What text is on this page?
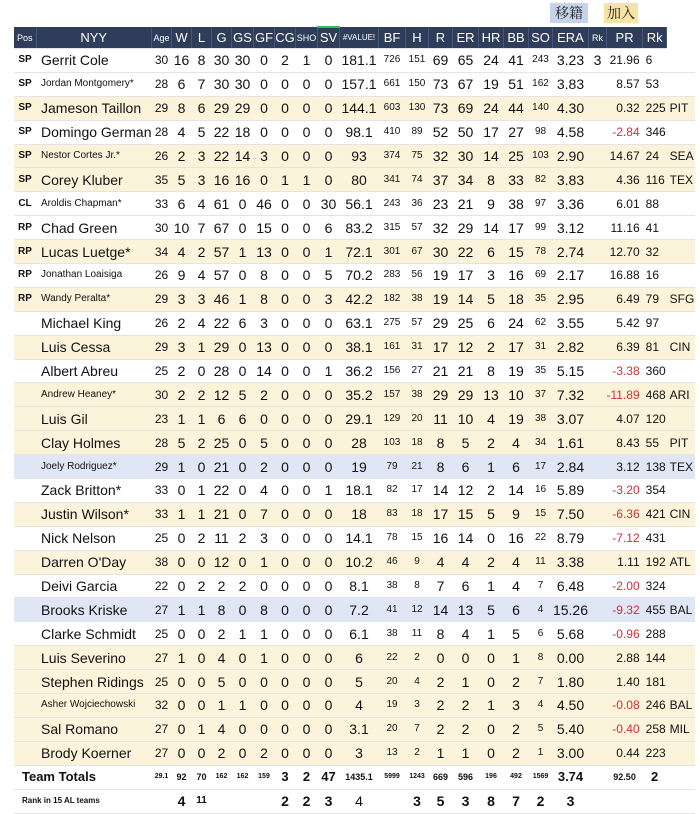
移籍	加入
Pos	NYY	Age	W	L	G	GS	GF	CG	SHO	SV	#VALUE!	BF	H	R	ER	HR	BB	SO	ERA	Rk	PR	Rk	
SP	Gerrit Cole	30	16	8	30	30	0	2	1	0	181.1	726	151	69	65	24	41	243	3.23	3	21.96	6	
SP	Jordan Montgomery*	28	6	7	30	30	0	0	0	0	157.1	661	150	73	67	19	51	162	3.83		8.57	53	
SP	Jameson Taillon	29	8	6	29	29	0	0	0	0	144.1	603	130	73	69	24	44	140	4.30		0.32	225	PIT
SP	Domingo German	28	4	5	22	18	0	0	0	0	98.1	410	89	52	50	17	27	98	4.58		-2.84	346	
SP	Nestor Cortes Jr.*	26	2	3	22	14	3	0	0	0	93	374	75	32	30	14	25	103	2.90		14.67	24	SEA
SP	Corey Kluber	35	5	3	16	16	0	1	1	0	80	341	74	37	34	8	33	82	3.83		4.36	116	TEX
CL	Aroldis Chapman*	33	6	4	61	0	46	0	0	30	56.1	243	36	23	21	9	38	97	3.36		6.01	88	
RP	Chad Green	30	10	7	67	0	15	0	0	6	83.2	315	57	32	29	14	17	99	3.12		11.16	41	
RP	Lucas Luetge*	34	4	2	57	1	13	0	0	1	72.1	301	67	30	22	6	15	78	2.74		12.70	32	
RP	Jonathan Loaisiga	26	9	4	57	0	8	0	0	5	70.2	283	56	19	17	3	16	69	2.17		16.88	16	
RP	Wandy Peralta*	29	3	3	46	1	8	0	0	3	42.2	182	38	19	14	5	18	35	2.95		6.49	79	SFG
	Michael King	26	2	4	22	6	3	0	0	0	63.1	275	57	29	25	6	24	62	3.55		5.42	97	
	Luis Cessa	29	3	1	29	0	13	0	0	0	38.1	161	31	17	12	2	17	31	2.82		6.39	81	CIN
	Albert Abreu	25	2	0	28	0	14	0	0	1	36.2	156	27	21	21	8	19	35	5.15		-3.38	360	
	Andrew Heaney*	30	2	2	12	5	2	0	0	0	35.2	157	38	29	29	13	10	37	7.32		-11.89	468	ARI
	Luis Gil	23	1	1	6	6	0	0	0	0	29.1	129	20	11	10	4	19	38	3.07		4.07	120	
	Clay Holmes	28	5	2	25	0	5	0	0	0	28	103	18	8	5	2	4	34	1.61		8.43	55	PIT
	Joely Rodriguez*	29	1	0	21	0	2	0	0	0	19	79	21	8	6	1	6	17	2.84		3.12	138	TEX
	Zack Britton*	33	0	1	22	0	4	0	0	1	18.1	82	17	14	12	2	14	16	5.89		-3.20	354	
	Justin Wilson*	33	1	1	21	0	7	0	0	0	18	83	18	17	15	5	9	15	7.50		-6.36	421	CIN
	Nick Nelson	25	0	2	11	2	3	0	0	0	14.1	78	15	16	14	0	16	22	8.79		-7.12	431	
	Darren O'Day	38	0	0	12	0	1	0	0	0	10.2	46	9	4	4	2	4	11	3.38		1.11	192	ATL
	Deivi Garcia	22	0	2	2	2	0	0	0	0	8.1	38	8	7	6	1	4	7	6.48		-2.00	324	
	Brooks Kriske	27	1	1	8	0	8	0	0	0	7.2	41	12	14	13	5	6	4	15.26		-9.32	455	BAL
	Clarke Schmidt	25	0	0	2	1	1	0	0	0	6.1	38	11	8	4	1	5	6	5.68		-0.96	288	
	Luis Severino	27	1	0	4	0	1	0	0	0	6	22	2	0	0	0	1	8	0.00		2.88	144	
	Stephen Ridings	25	0	0	5	0	0	0	0	0	5	20	4	2	1	0	2	7	1.80		1.40	181	
	Asher Wojciechowski	32	0	0	1	1	0	0	0	0	4	19	3	2	2	1	3	4	4.50		-0.08	246	BAL
	Sal Romano	27	0	1	4	0	0	0	0	0	3.1	20	7	2	2	0	2	5	5.40		-0.40	258	MIL
	Brody Koerner	27	0	0	2	0	2	0	0	0	3	13	2	1	1	0	2	1	3.00		0.44	223	
Team Totals		29.1	92	70	162	162	159	3	2	47	1435.1	5999	1243	669	596	196	492	1569	3.74		92.50	2	
Rank in 15 AL teams			4	11				2	2	3	4		3	5	3	8	7	2	3				
